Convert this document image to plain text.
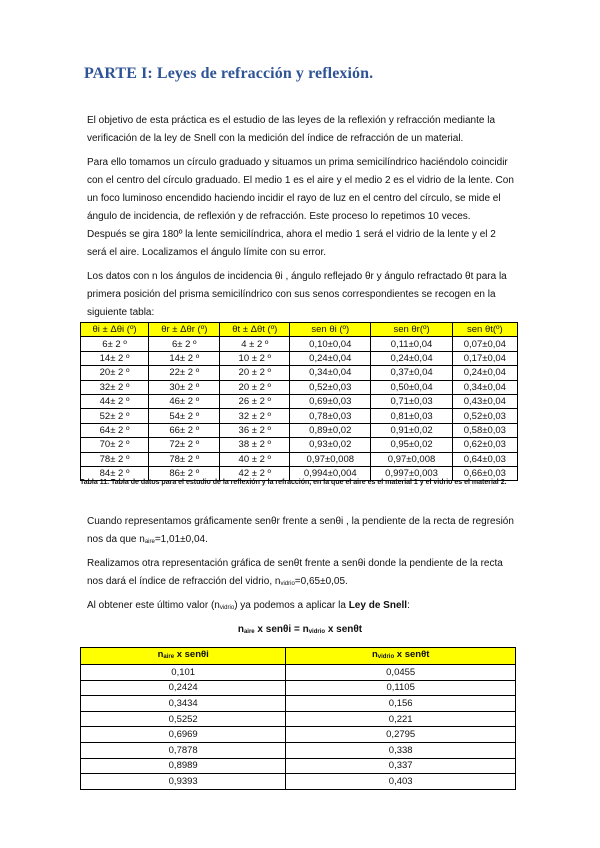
PARTE I: Leyes de refracción y reflexión.

El objetivo de esta práctica es el estudio de las leyes de la reflexión y refracción mediante la verificación de la ley de Snell con la medición del índice de refracción de un material.

Para ello tomamos un círculo graduado y situamos un prima semicilíndrico haciéndolo coincidir con el centro del círculo graduado. El medio 1 es el aire y el medio 2 es el vidrio de la lente. Con un foco luminoso encendido haciendo incidir el rayo de luz en el centro del círculo, se mide el ángulo de incidencia, de reflexión y de refracción. Este proceso lo repetimos 10 veces.

Después se gira 180º la lente semicilíndrica, ahora el medio 1 será el vidrio de la lente y el 2 será el aire. Localizamos el ángulo límite con su error.

Los datos con n los ángulos de incidencia θi , ángulo reflejado θr y ángulo refractado θt para la primera posición del prisma semicilíndrico con sus senos correspondientes se recogen en la siguiente tabla:

θi ± Δθi (º)	θr ± Δθr (º)	θt ± Δθt (º)	sen θi (º)	sen θr(º)	sen θt(º)
6± 2 º	6± 2 º	4 ± 2 º	0,10±0,04	0,11±0,04	0,07±0,04
14± 2 º	14± 2 º	10 ± 2 º	0,24±0,04	0,24±0,04	0,17±0,04
20± 2 º	22± 2 º	20 ± 2 º	0,34±0,04	0,37±0,04	0,24±0,04
32± 2 º	30± 2 º	20 ± 2 º	0,52±0,03	0,50±0,04	0,34±0,04
44± 2 º	46± 2 º	26 ± 2 º	0,69±0,03	0,71±0,03	0,43±0,04
52± 2 º	54± 2 º	32 ± 2 º	0,78±0,03	0,81±0,03	0,52±0,03
64± 2 º	66± 2 º	36 ± 2 º	0,89±0,02	0,91±0,02	0,58±0,03
70± 2 º	72± 2 º	38 ± 2 º	0,93±0,02	0,95±0,02	0,62±0,03
78± 2 º	78± 2 º	40 ± 2 º	0,97±0,008	0,97±0,008	0,64±0,03
84± 2 º	86± 2 º	42 ± 2 º	0,994±0,004	0,997±0,003	0,66±0,03

Tabla 11. Tabla de datos para el estudio de la reflexión y la refracción, en la que el aire es el material 1 y el vidrio es el material 2.

Cuando representamos gráficamente senθr frente a senθi , la pendiente de la recta de regresión nos da que $n_{aire}=1,01\pm 0,04$.

Realizamos otra representación gráfica de senθt frente a senθi donde la pendiente de la recta nos dará el índice de refracción del vidrio, $n_{vidrio}=0,65\pm 0,05$.

Al obtener este último valor $(n_{vidrio})$ ya podemos a aplicar la Ley de Snell:

$n_{aire}$ x $sen\theta i = n_{vidrio}$ x senθt
$n_{aire}$ x senθi	$n_{vidrio}$ x senθt
0,101	0,0455
0,2424	0,1105
0,3434	0,156
0,5252	0,221
0,6969	0,2795
0,7878	0,338
0,8989	0,337
0,9393	0,403
